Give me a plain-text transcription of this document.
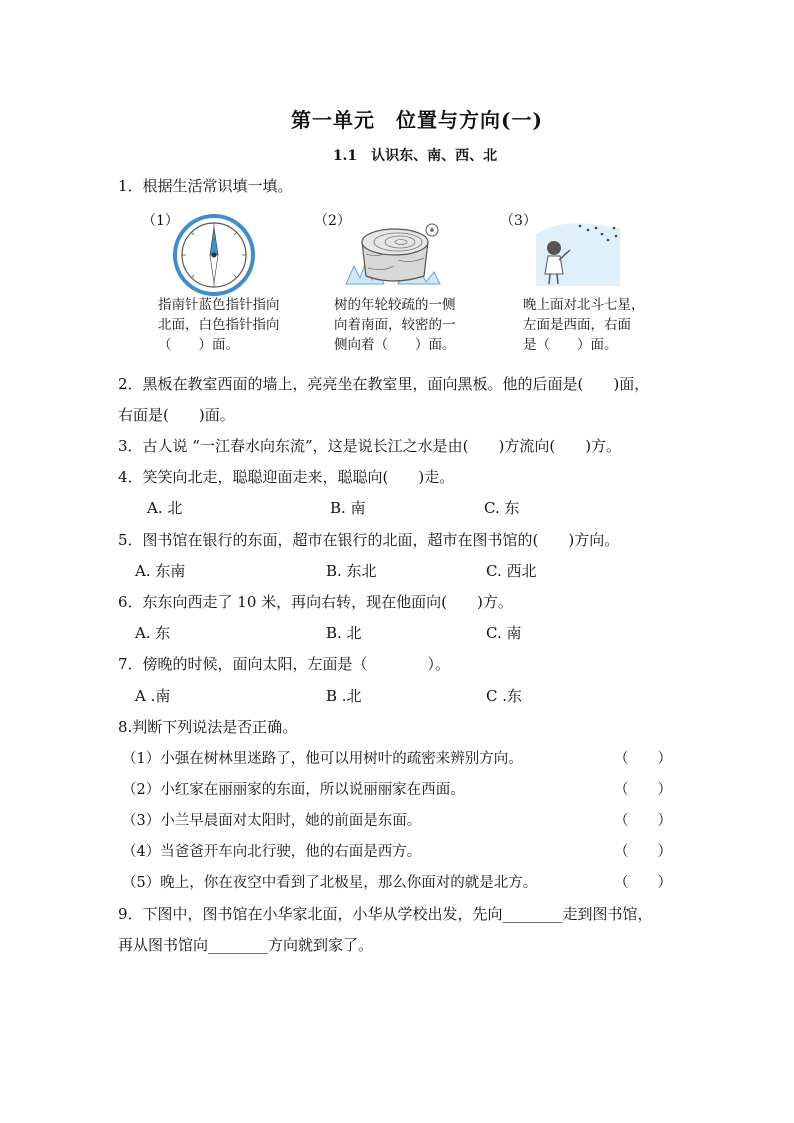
第一单元　位置与方向(一)
1.1　认识东、南、西、北
1．根据生活常识填一填。
（1）
指南针蓝色指针指向
北面，白色指针指向
（　　）面。
（2）
树的年轮较疏的一侧
向着南面，较密的一
侧向着（　　）面。
（3）
晚上面对北斗七星，
左面是西面，右面
是（　　）面。
2．黑板在教室西面的墙上，亮亮坐在教室里，面向黑板。他的后面是(　　)面，
右面是(　　)面。
3．古人说 “一江春水向东流”，这是说长江之水是由(　　)方流向(　　)方。
4．笑笑向北走，聪聪迎面走来，聪聪向(　　)走。
A. 北	B. 南	C. 东
5．图书馆在银行的东面，超市在银行的北面，超市在图书馆的(　　)方向。
A. 东南	B. 东北	C. 西北
6．东东向西走了 10 米，再向右转，现在他面向(　　)方。
A. 东	B. 北	C. 南
7．傍晚的时候，面向太阳，左面是（　　　　）。
A .南	B .北	C .东
8.判断下列说法是否正确。
（1）小强在树林里迷路了，他可以用树叶的疏密来辨别方向。	（　　）
（2）小红家在丽丽家的东面，所以说丽丽家在西面。	（　　）
（3）小兰早晨面对太阳时，她的前面是东面。	（　　）
（4）当爸爸开车向北行驶，他的右面是西方。	（　　）
（5）晚上，你在夜空中看到了北极星，那么你面对的就是北方。	（　　）
9．下图中，图书馆在小华家北面，小华从学校出发，先向________走到图书馆，
再从图书馆向________方向就到家了。
